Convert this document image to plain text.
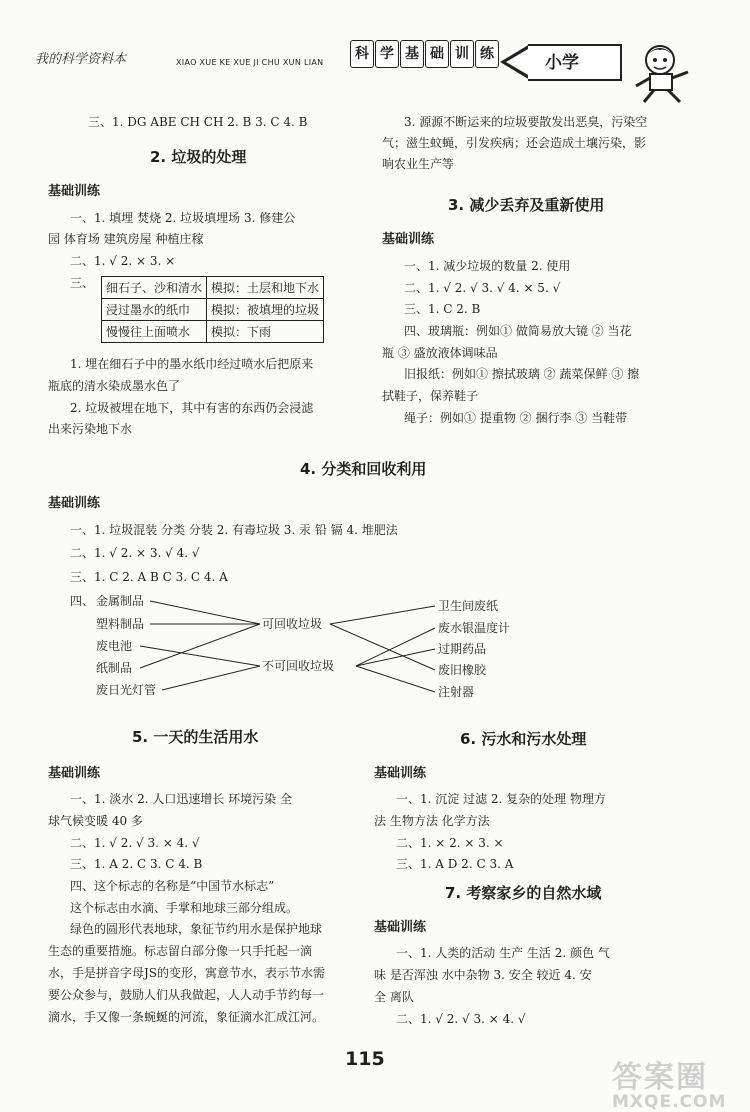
我的科学资料本	XIAO XUE KE XUE JI CHU XUN LIAN
科 学 基 础 训 练	小学
三、1. DG ABE CH CH 2. B 3. C 4. B
2. 垃圾的处理
基础训练
一、1. 填埋 焚烧 2. 垃圾填埋场 3. 修建公
园 体育场 建筑房屋 种植庄稼
二、1. √ 2. × 3. ×
三、 细石子、沙和清水	模拟：土层和地下水
浸过墨水的纸巾	模拟：被填埋的垃圾
慢慢往上面喷水	模拟：下雨
1. 埋在细石子中的墨水纸巾经过喷水后把原来
瓶底的清水染成墨水色了
2. 垃圾被埋在地下，其中有害的东西仍会浸滤
出来污染地下水
3. 源源不断运来的垃圾要散发出恶臭，污染空
气；滋生蚊蝇，引发疾病；还会造成土壤污染，影
响农业生产等
3. 减少丢弃及重新使用
基础训练
一、1. 减少垃圾的数量 2. 使用
二、1. √ 2. √ 3. √ 4. × 5. √
三、1. C 2. B
四、玻璃瓶：例如① 做简易放大镜 ② 当花
瓶 ③ 盛放液体调味品
旧报纸：例如① 擦拭玻璃 ② 蔬菜保鲜 ③ 擦
拭鞋子，保养鞋子
绳子：例如① 提重物 ② 捆行李 ③ 当鞋带
4. 分类和回收利用
基础训练
一、1. 垃圾混装 分类 分装 2. 有毒垃圾 3. 汞 铅 镉 4. 堆肥法
二、1. √ 2. × 3. √ 4. √
三、1. C 2. A B C 3. C 4. A
四、 金属制品
塑料制品
废电池
纸制品
废日光灯管
可回收垃圾
不可回收垃圾
卫生间废纸
废水银温度计
过期药品
废旧橡胶
注射器
5. 一天的生活用水
基础训练
一、1. 淡水 2. 人口迅速增长 环境污染 全
球气候变暖 40 多
二、1. √ 2. √ 3. × 4. √
三、1. A 2. C 3. C 4. B
四、这个标志的名称是“中国节水标志”
这个标志由水滴、手掌和地球三部分组成。
绿色的圆形代表地球，象征节约用水是保护地球
生态的重要措施。标志留白部分像一只手托起一滴
水，手是拼音字母JS的变形，寓意节水，表示节水需
要公众参与，鼓励人们从我做起，人人动手节约每一
滴水，手又像一条蜿蜒的河流，象征滴水汇成江河。
6. 污水和污水处理
基础训练
一、1. 沉淀 过滤 2. 复杂的处理 物理方
法 生物方法 化学方法
二、1. × 2. × 3. ×
三、1. A D 2. C 3. A
7. 考察家乡的自然水域
基础训练
一、1. 人类的活动 生产 生活 2. 颜色 气
味 是否浑浊 水中杂物 3. 安全 较近 4. 安
全 离队
二、1. √ 2. √ 3. × 4. √
115
答案圈
MXQE.COM
